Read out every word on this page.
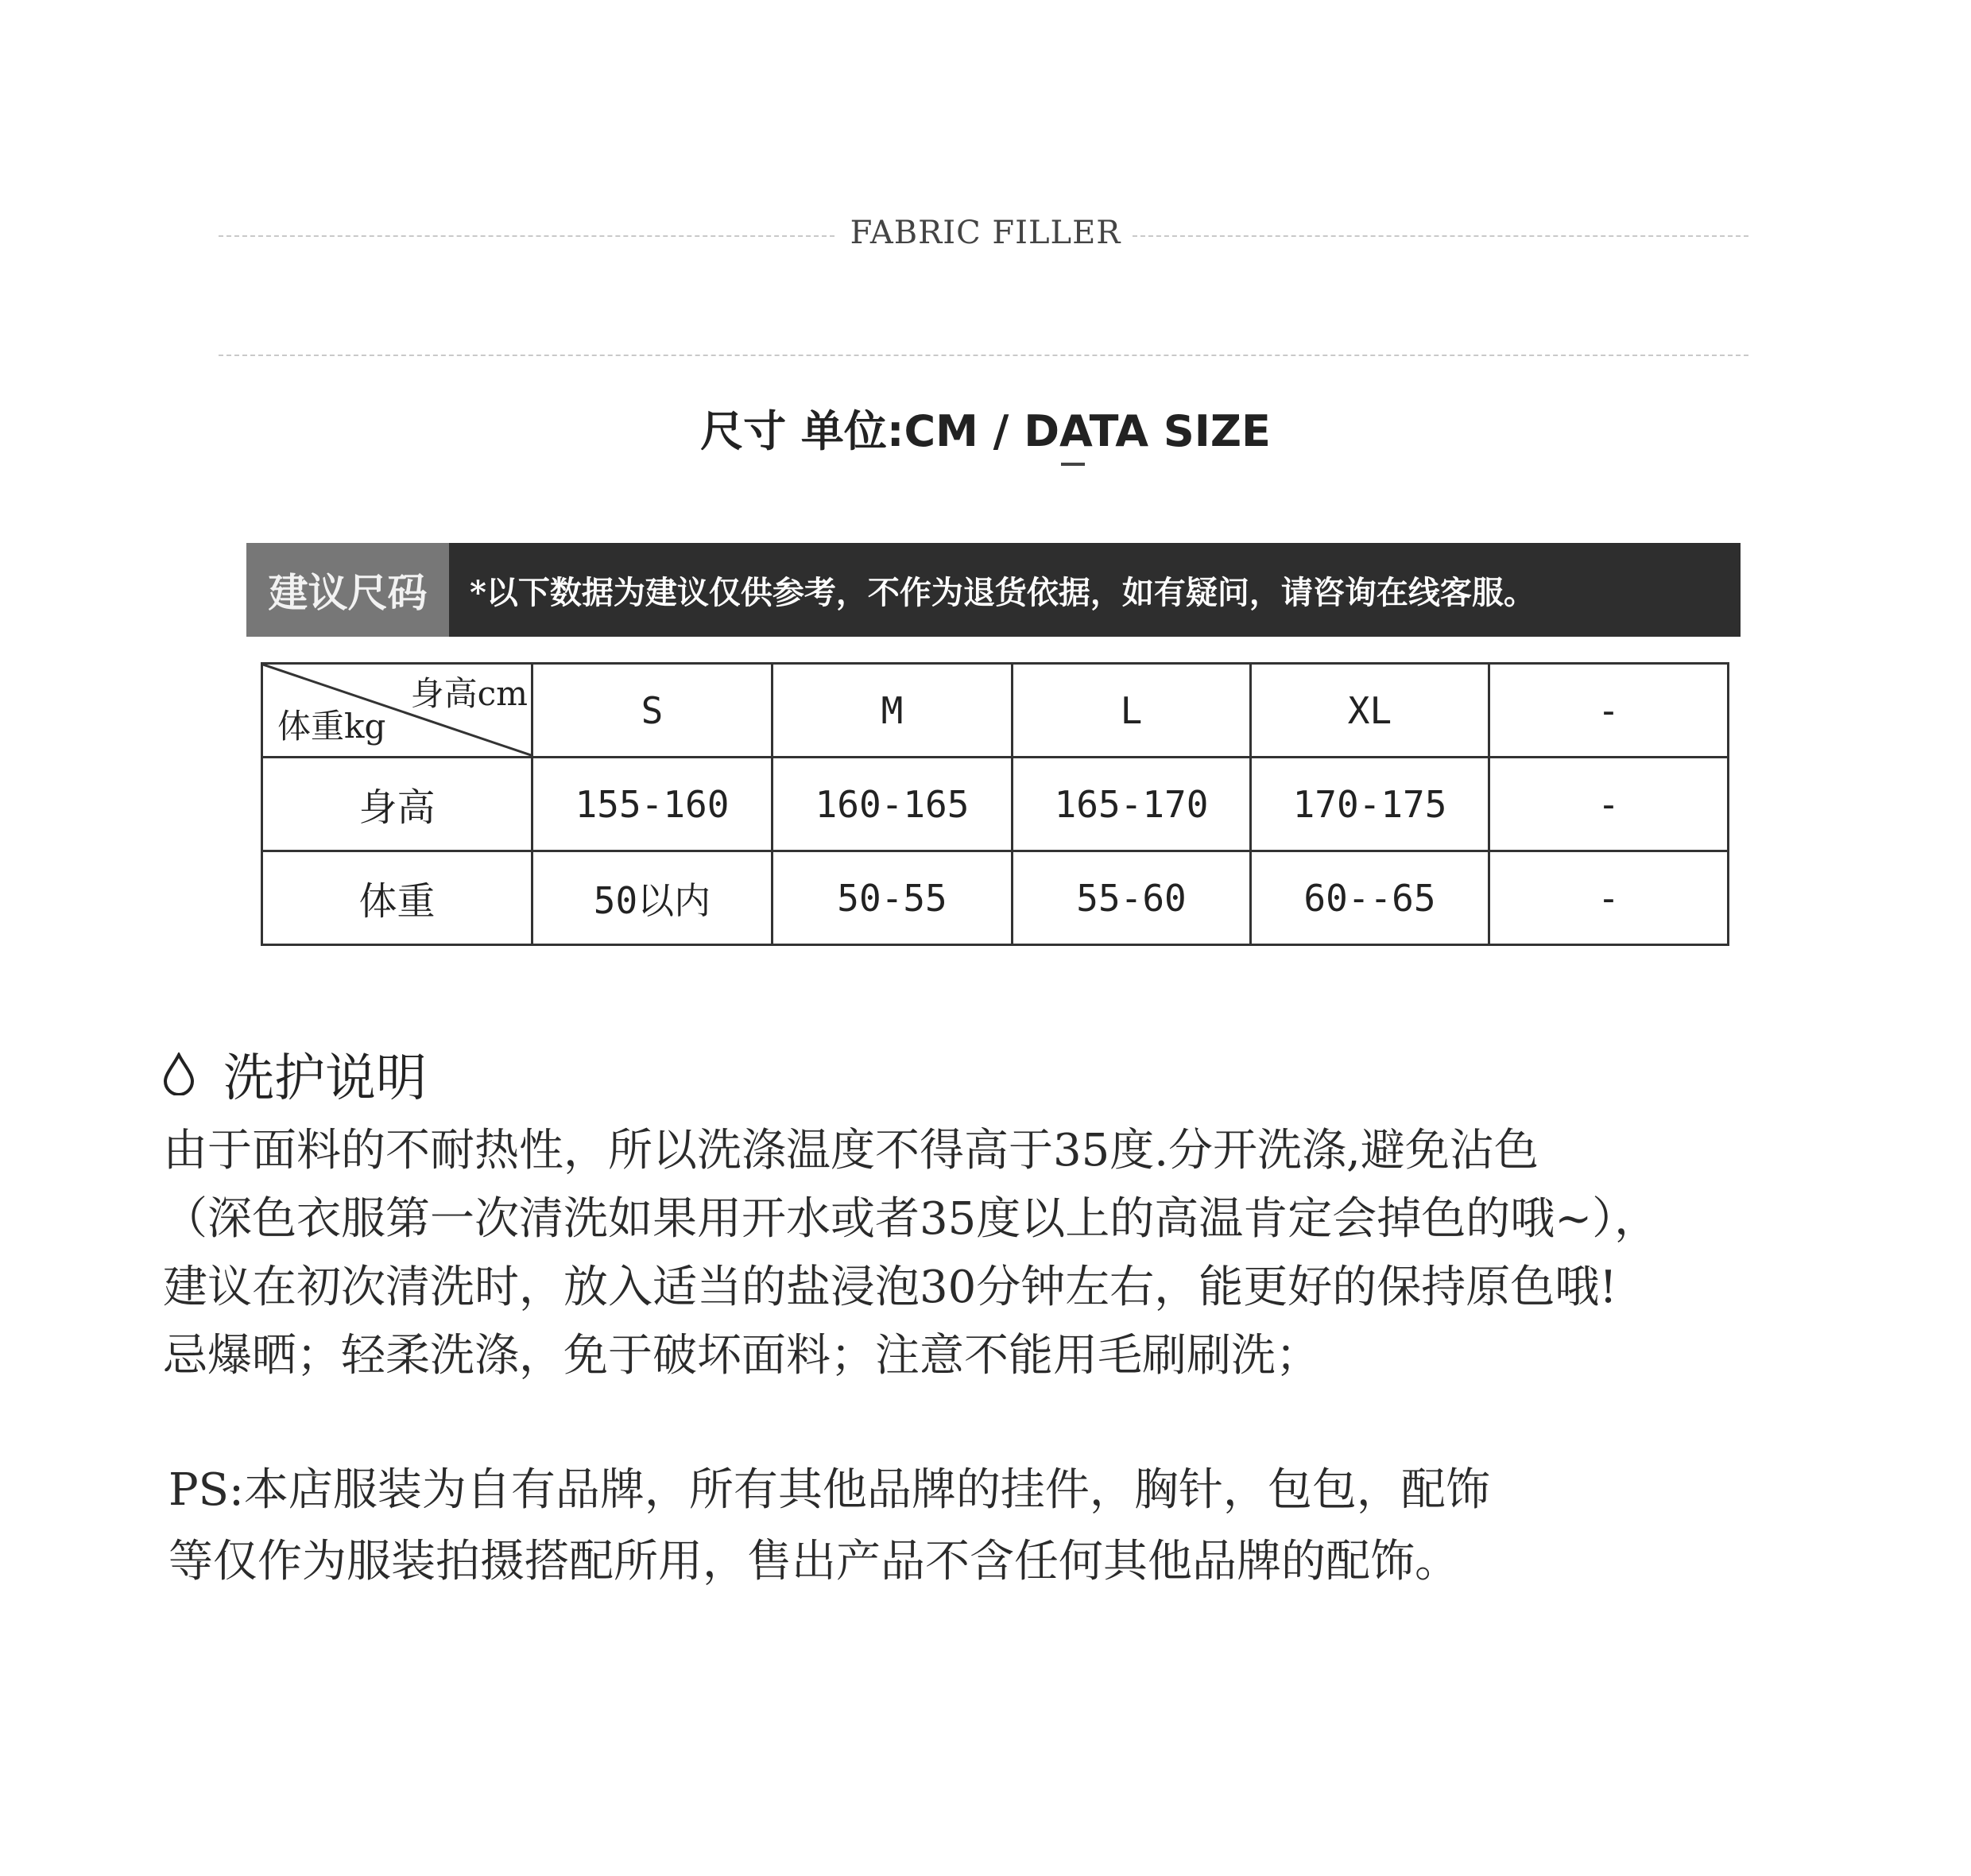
FABRIC FILLER
尺寸 单位:CM / DATA SIZE
建议尺码	*以下数据为建议仅供参考，不作为退货依据，如有疑问，请咨询在线客服。
身高cm
体重kg	S	M	L	XL	-
身高	155-160	160-165	165-170	170-175	-
体重	50以内	50-55	55-60	60--65	-
洗护说明
由于面料的不耐热性，所以洗涤温度不得高于35度.分开洗涤,避免沾色
（深色衣服第一次清洗如果用开水或者35度以上的高温肯定会掉色的哦~），
建议在初次清洗时，放入适当的盐浸泡30分钟左右，能更好的保持原色哦!
忌爆晒；轻柔洗涤，免于破坏面料；注意不能用毛刷刷洗；
PS:本店服装为自有品牌，所有其他品牌的挂件，胸针，包包，配饰
等仅作为服装拍摄搭配所用，售出产品不含任何其他品牌的配饰。
